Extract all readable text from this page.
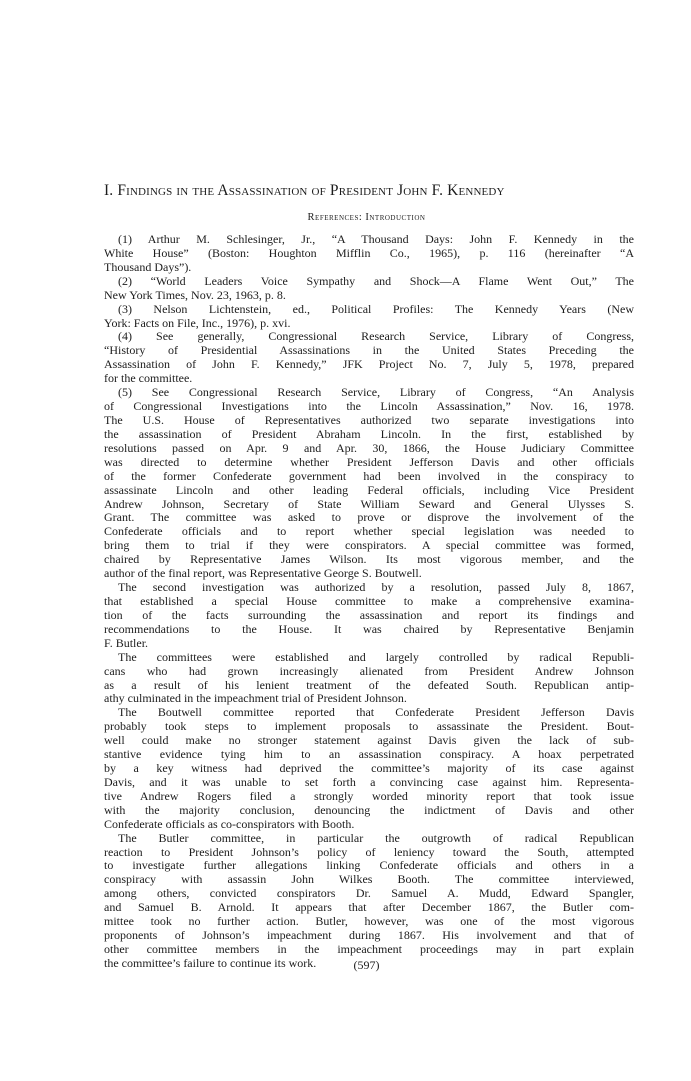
I. Findings in the Assassination of President John F. Kennedy
References: Introduction
(1) Arthur M. Schlesinger, Jr., “A Thousand Days: John F. Kennedy in the
White House” (Boston: Houghton Mifflin Co., 1965), p. 116 (hereinafter “A
Thousand Days”).
(2) “World Leaders Voice Sympathy and Shock—A Flame Went Out,” The
New York Times, Nov. 23, 1963, p. 8.
(3) Nelson Lichtenstein, ed., Political Profiles: The Kennedy Years (New
York: Facts on File, Inc., 1976), p. xvi.
(4) See generally, Congressional Research Service, Library of Congress,
“History of Presidential Assassinations in the United States Preceding the
Assassination of John F. Kennedy,” JFK Project No. 7, July 5, 1978, prepared
for the committee.
(5) See Congressional Research Service, Library of Congress, “An Analysis
of Congressional Investigations into the Lincoln Assassination,” Nov. 16, 1978.
The U.S. House of Representatives authorized two separate investigations into
the assassination of President Abraham Lincoln. In the first, established by
resolutions passed on Apr. 9 and Apr. 30, 1866, the House Judiciary Committee
was directed to determine whether President Jefferson Davis and other officials
of the former Confederate government had been involved in the conspiracy to
assassinate Lincoln and other leading Federal officials, including Vice President
Andrew Johnson, Secretary of State William Seward and General Ulysses S.
Grant. The committee was asked to prove or disprove the involvement of the
Confederate officials and to report whether special legislation was needed to
bring them to trial if they were conspirators. A special committee was formed,
chaired by Representative James Wilson. Its most vigorous member, and the
author of the final report, was Representative George S. Boutwell.
The second investigation was authorized by a resolution, passed July 8, 1867,
that established a special House committee to make a comprehensive examina-
tion of the facts surrounding the assassination and report its findings and
recommendations to the House. It was chaired by Representative Benjamin
F. Butler.
The committees were established and largely controlled by radical Republi-
cans who had grown increasingly alienated from President Andrew Johnson
as a result of his lenient treatment of the defeated South. Republican antip-
athy culminated in the impeachment trial of President Johnson.
The Boutwell committee reported that Confederate President Jefferson Davis
probably took steps to implement proposals to assassinate the President. Bout-
well could make no stronger statement against Davis given the lack of sub-
stantive evidence tying him to an assassination conspiracy. A hoax perpetrated
by a key witness had deprived the committee’s majority of its case against
Davis, and it was unable to set forth a convincing case against him. Representa-
tive Andrew Rogers filed a strongly worded minority report that took issue
with the majority conclusion, denouncing the indictment of Davis and other
Confederate officials as co-conspirators with Booth.
The Butler committee, in particular the outgrowth of radical Republican
reaction to President Johnson’s policy of leniency toward the South, attempted
to investigate further allegations linking Confederate officials and others in a
conspiracy with assassin John Wilkes Booth. The committee interviewed,
among others, convicted conspirators Dr. Samuel A. Mudd, Edward Spangler,
and Samuel B. Arnold. It appears that after December 1867, the Butler com-
mittee took no further action. Butler, however, was one of the most vigorous
proponents of Johnson’s impeachment during 1867. His involvement and that of
other committee members in the impeachment proceedings may in part explain
the committee’s failure to continue its work.	(597)
